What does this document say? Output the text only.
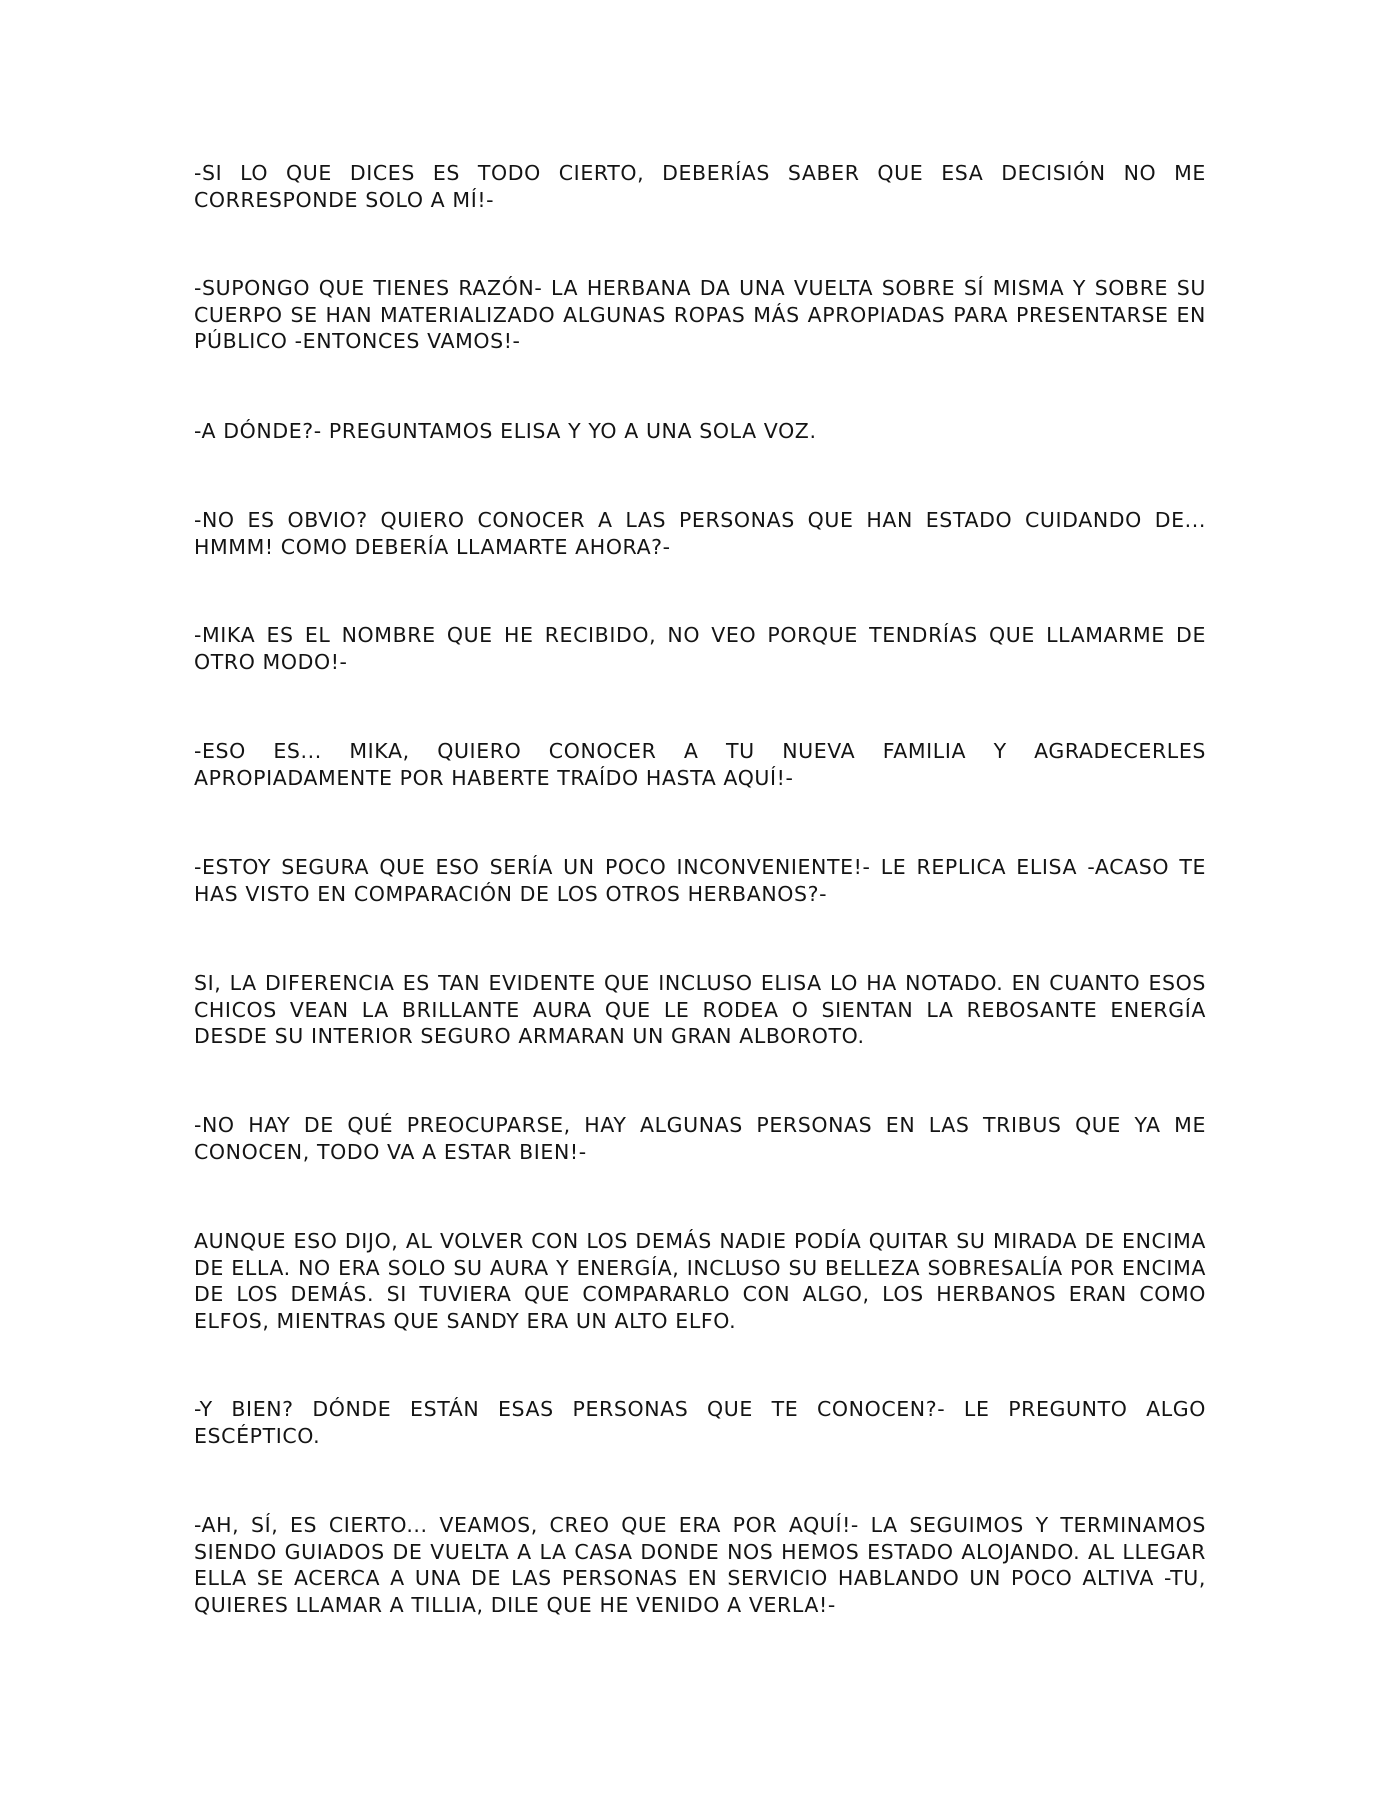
-SI LO QUE DICES ES TODO CIERTO, DEBERÍAS SABER QUE ESA DECISIÓN NO ME CORRESPONDE SOLO A MÍ!-

-SUPONGO QUE TIENES RAZÓN- LA HERBANA DA UNA VUELTA SOBRE SÍ MISMA Y SOBRE SU CUERPO SE HAN MATERIALIZADO ALGUNAS ROPAS MÁS APROPIADAS PARA PRESENTARSE EN PÚBLICO -ENTONCES VAMOS!-

-A DÓNDE?- PREGUNTAMOS ELISA Y YO A UNA SOLA VOZ.

-NO ES OBVIO? QUIERO CONOCER A LAS PERSONAS QUE HAN ESTADO CUIDANDO DE... HMMM! COMO DEBERÍA LLAMARTE AHORA?-

-MIKA ES EL NOMBRE QUE HE RECIBIDO, NO VEO PORQUE TENDRÍAS QUE LLAMARME DE OTRO MODO!-

-ESO ES... MIKA, QUIERO CONOCER A TU NUEVA FAMILIA Y AGRADECERLES APROPIADAMENTE POR HABERTE TRAÍDO HASTA AQUÍ!-

-ESTOY SEGURA QUE ESO SERÍA UN POCO INCONVENIENTE!- LE REPLICA ELISA -ACASO TE HAS VISTO EN COMPARACIÓN DE LOS OTROS HERBANOS?-

SI, LA DIFERENCIA ES TAN EVIDENTE QUE INCLUSO ELISA LO HA NOTADO. EN CUANTO ESOS CHICOS VEAN LA BRILLANTE AURA QUE LE RODEA O SIENTAN LA REBOSANTE ENERGÍA DESDE SU INTERIOR SEGURO ARMARAN UN GRAN ALBOROTO.

-NO HAY DE QUÉ PREOCUPARSE, HAY ALGUNAS PERSONAS EN LAS TRIBUS QUE YA ME CONOCEN, TODO VA A ESTAR BIEN!-

AUNQUE ESO DIJO, AL VOLVER CON LOS DEMÁS NADIE PODÍA QUITAR SU MIRADA DE ENCIMA DE ELLA. NO ERA SOLO SU AURA Y ENERGÍA, INCLUSO SU BELLEZA SOBRESALÍA POR ENCIMA DE LOS DEMÁS. SI TUVIERA QUE COMPARARLO CON ALGO, LOS HERBANOS ERAN COMO ELFOS, MIENTRAS QUE SANDY ERA UN ALTO ELFO.

-Y BIEN? DÓNDE ESTÁN ESAS PERSONAS QUE TE CONOCEN?- LE PREGUNTO ALGO ESCÉPTICO.

-AH, SÍ, ES CIERTO... VEAMOS, CREO QUE ERA POR AQUÍ!- LA SEGUIMOS Y TERMINAMOS SIENDO GUIADOS DE VUELTA A LA CASA DONDE NOS HEMOS ESTADO ALOJANDO. AL LLEGAR ELLA SE ACERCA A UNA DE LAS PERSONAS EN SERVICIO HABLANDO UN POCO ALTIVA -TU, QUIERES LLAMAR A TILLIA, DILE QUE HE VENIDO A VERLA!-
